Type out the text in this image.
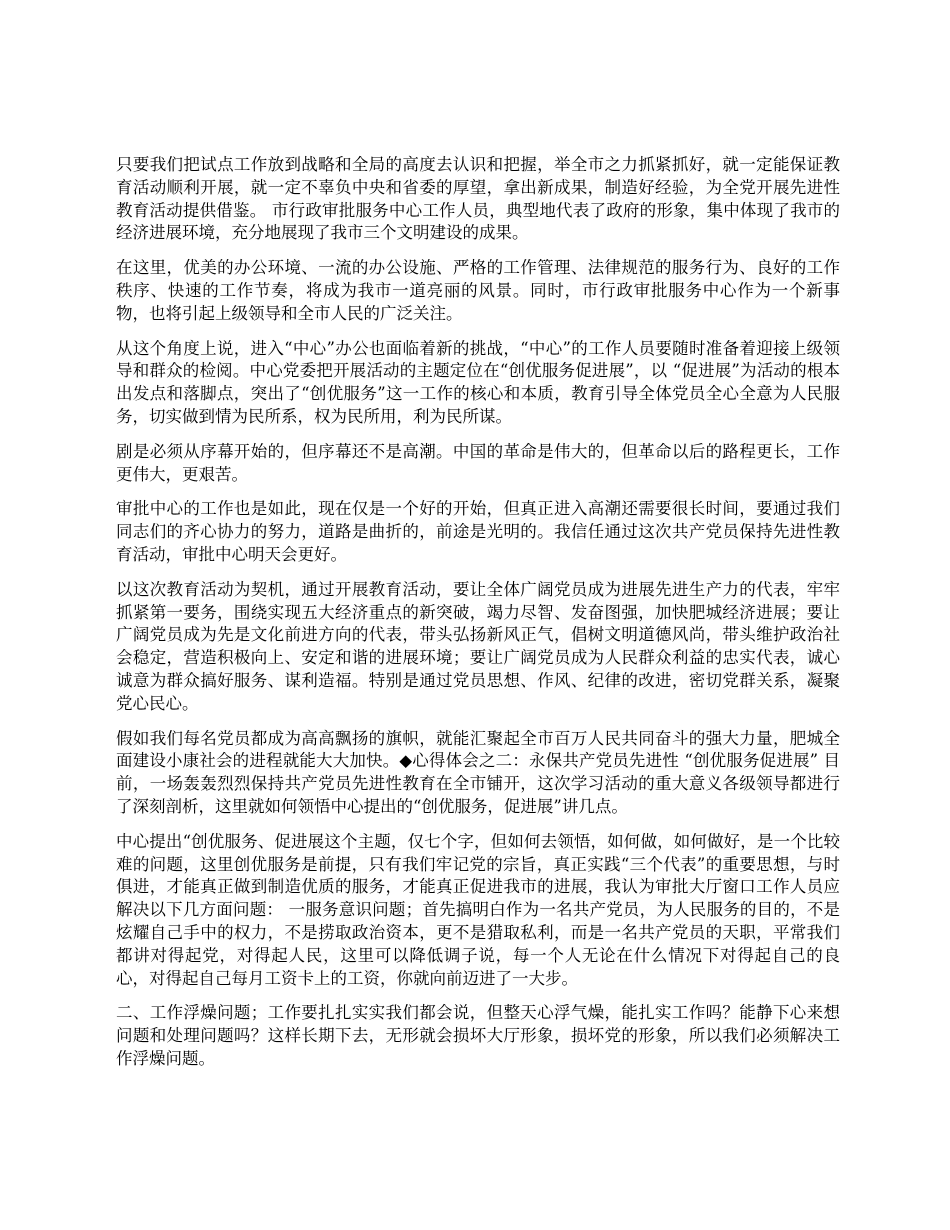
只要我们把试点工作放到战略和全局的高度去认识和把握，举全市之力抓紧抓好，就一定能保证教育活动顺利开展，就一定不辜负中央和省委的厚望，拿出新成果，制造好经验，为全党开展先进性教育活动提供借鉴。 市行政审批服务中心工作人员，典型地代表了政府的形象，集中体现了我市的经济进展环境，充分地展现了我市三个文明建设的成果。

在这里，优美的办公环境、一流的办公设施、严格的工作管理、法律规范的服务行为、良好的工作秩序、快速的工作节奏，将成为我市一道亮丽的风景。同时，市行政审批服务中心作为一个新事物，也将引起上级领导和全市人民的广泛关注。

从这个角度上说，进入“中心”办公也面临着新的挑战，“中心”的工作人员要随时准备着迎接上级领导和群众的检阅。中心党委把开展活动的主题定位在“创优服务促进展”，以 “促进展”为活动的根本出发点和落脚点，突出了“创优服务”这一工作的核心和本质，教育引导全体党员全心全意为人民服务，切实做到情为民所系，权为民所用，利为民所谋。

剧是必须从序幕开始的，但序幕还不是高潮。中国的革命是伟大的，但革命以后的路程更长，工作更伟大，更艰苦。

审批中心的工作也是如此，现在仅是一个好的开始，但真正进入高潮还需要很长时间，要通过我们同志们的齐心协力的努力，道路是曲折的，前途是光明的。我信任通过这次共产党员保持先进性教育活动，审批中心明天会更好。

以这次教育活动为契机，通过开展教育活动，要让全体广阔党员成为进展先进生产力的代表，牢牢抓紧第一要务，围绕实现五大经济重点的新突破，竭力尽智、发奋图强，加快肥城经济进展；要让广阔党员成为先是文化前进方向的代表，带头弘扬新风正气，倡树文明道德风尚，带头维护政治社会稳定，营造积极向上、安定和谐的进展环境；要让广阔党员成为人民群众利益的忠实代表，诚心诚意为群众搞好服务、谋利造福。特别是通过党员思想、作风、纪律的改进，密切党群关系，凝聚党心民心。

假如我们每名党员都成为高高飘扬的旗帜，就能汇聚起全市百万人民共同奋斗的强大力量，肥城全面建设小康社会的进程就能大大加快。◆心得体会之二：永保共产党员先进性 “创优服务促进展” 目前，一场轰轰烈烈保持共产党员先进性教育在全市铺开，这次学习活动的重大意义各级领导都进行了深刻剖析，这里就如何领悟中心提出的“创优服务，促进展”讲几点。

中心提出“创优服务、促进展这个主题，仅七个字，但如何去领悟，如何做，如何做好，是一个比较难的问题，这里创优服务是前提，只有我们牢记党的宗旨，真正实践“三个代表”的重要思想，与时俱进，才能真正做到制造优质的服务，才能真正促进我市的进展，我认为审批大厅窗口工作人员应解决以下几方面问题： 一服务意识问题；首先搞明白作为一名共产党员，为人民服务的目的，不是炫耀自己手中的权力，不是捞取政治资本，更不是猎取私利，而是一名共产党员的天职，平常我们都讲对得起党，对得起人民，这里可以降低调子说，每一个人无论在什么情况下对得起自己的良心，对得起自己每月工资卡上的工资，你就向前迈进了一大步。

二、工作浮燥问题；工作要扎扎实实我们都会说，但整天心浮气燥，能扎实工作吗？能静下心来想问题和处理问题吗？这样长期下去，无形就会损坏大厅形象，损坏党的形象，所以我们必须解决工作浮燥问题。
